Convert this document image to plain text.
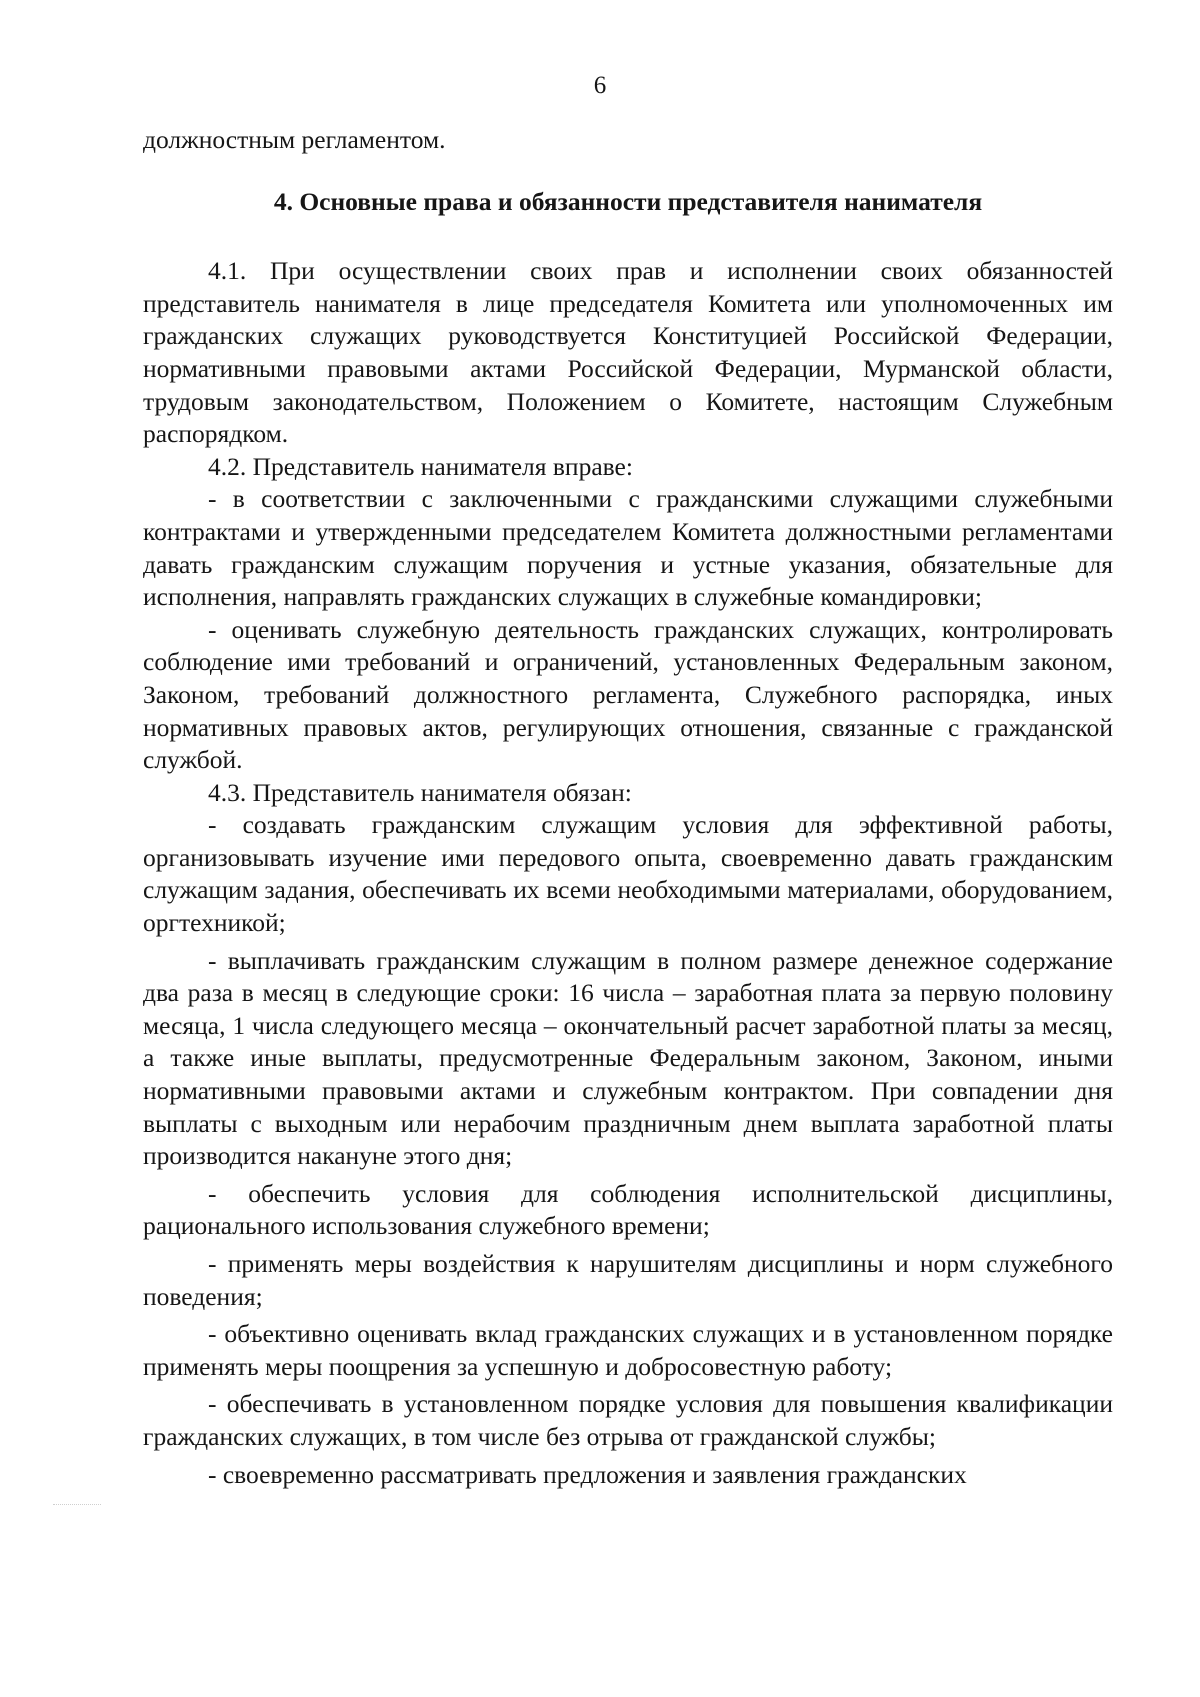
6

должностным регламентом.

4. Основные права и обязанности представителя нанимателя

4.1. При осуществлении своих прав и исполнении своих обязанностей представитель нанимателя в лице председателя Комитета или уполномоченных им гражданских служащих руководствуется Конституцией Российской Федерации, нормативными правовыми актами Российской Федерации, Мурманской области, трудовым законодательством, Положением о Комитете, настоящим Служебным распорядком.

4.2. Представитель нанимателя вправе:

- в соответствии с заключенными с гражданскими служащими служебными контрактами и утвержденными председателем Комитета должностными регламентами давать гражданским служащим поручения и устные указания, обязательные для исполнения, направлять гражданских служащих в служебные командировки;

- оценивать служебную деятельность гражданских служащих, контролировать соблюдение ими требований и ограничений, установленных Федеральным законом, Законом, требований должностного регламента, Служебного распорядка, иных нормативных правовых актов, регулирующих отношения, связанные с гражданской службой.

4.3. Представитель нанимателя обязан:

- создавать гражданским служащим условия для эффективной работы, организовывать изучение ими передового опыта, своевременно давать гражданским служащим задания, обеспечивать их всеми необходимыми материалами, оборудованием, оргтехникой;

- выплачивать гражданским служащим в полном размере денежное содержание два раза в месяц в следующие сроки: 16 числа – заработная плата за первую половину месяца, 1 числа следующего месяца – окончательный расчет заработной платы за месяц, а также иные выплаты, предусмотренные Федеральным законом, Законом, иными нормативными правовыми актами и служебным контрактом. При совпадении дня выплаты с выходным или нерабочим праздничным днем выплата заработной платы производится накануне этого дня;

- обеспечить условия для соблюдения исполнительской дисциплины, рационального использования служебного времени;

- применять меры воздействия к нарушителям дисциплины и норм служебного поведения;

- объективно оценивать вклад гражданских служащих и в установленном порядке применять меры поощрения за успешную и добросовестную работу;

- обеспечивать в установленном порядке условия для повышения квалификации гражданских служащих, в том числе без отрыва от гражданской службы;

- своевременно рассматривать предложения и заявления гражданских
